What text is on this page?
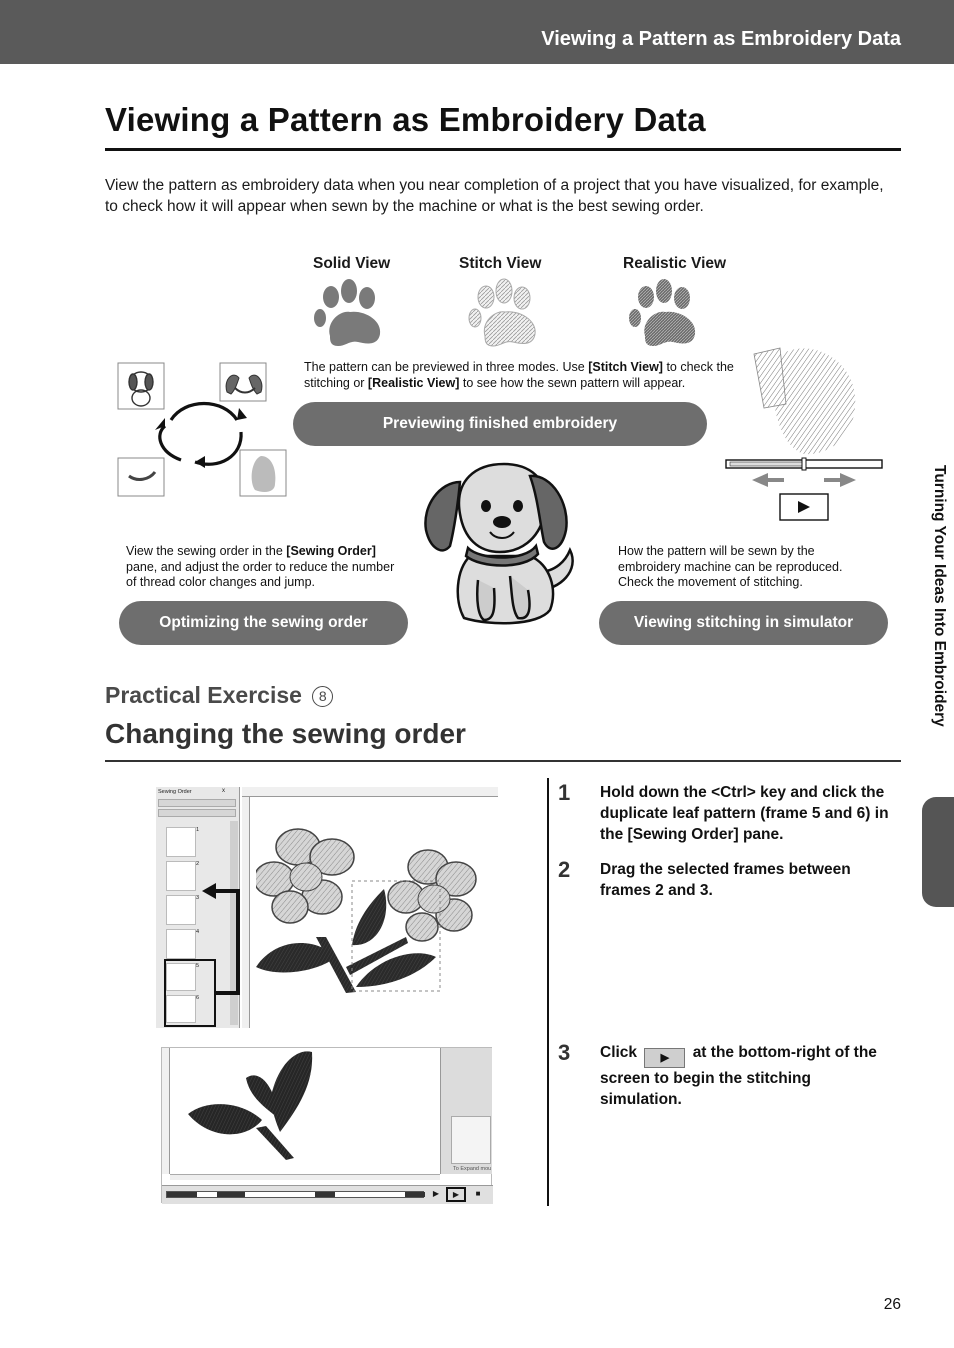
Viewing a Pattern as Embroidery Data
Viewing a Pattern as Embroidery Data
View the pattern as embroidery data when you near completion of a project that you have visualized, for example, to check how it will appear when sewn by the machine or what is the best sewing order.
Solid View	Stitch View	Realistic View
The pattern can be previewed in three modes. Use [Stitch View] to check the stitching or [Realistic View] to see how the sewn pattern will appear.
Previewing finished embroidery
View the sewing order in the [Sewing Order] pane, and adjust the order to reduce the number of thread color changes and jump.
Optimizing the sewing order
How the pattern will be sewn by the embroidery machine can be reproduced. Check the movement of stitching.
Viewing stitching in simulator	Turning Your Ideas Into Embroidery
Practical Exercise 8
Changing the sewing order
Sewing Order	x
1
2
3
4
5
6
To Expand mou
▶	▶	■
1 Hold down the <Ctrl> key and click the duplicate leaf pattern (frame 5 and 6) in the [Sewing Order] pane.
2 Drag the selected frames between frames 2 and 3.
3 Click ▶ at the bottom-right of the screen to begin the stitching simulation.
26
